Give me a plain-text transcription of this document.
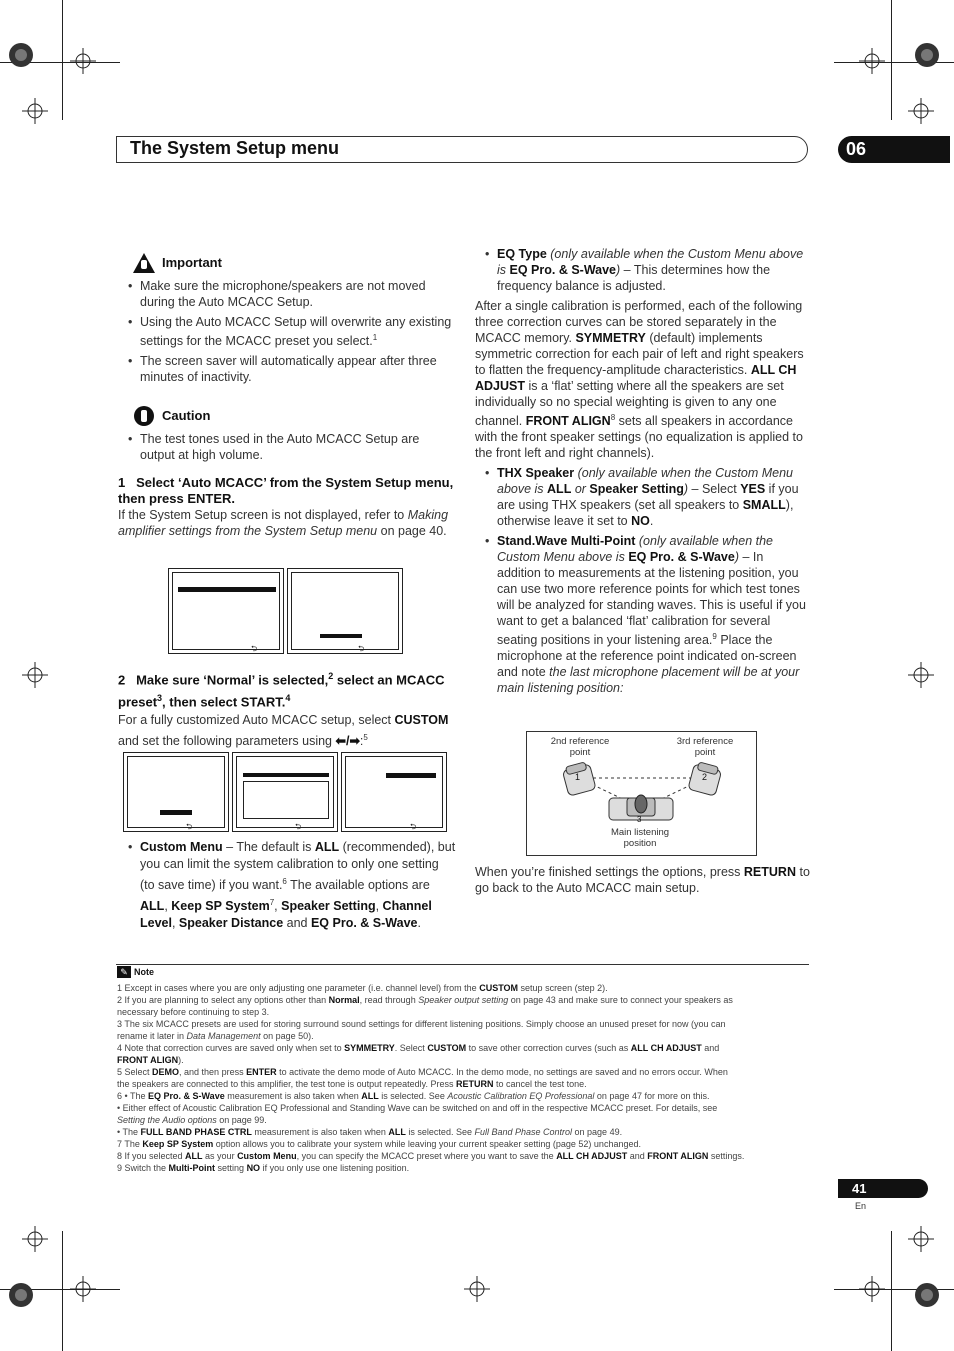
The System Setup menu	06
Important
• Make sure the microphone/speakers are not moved during the Auto MCACC Setup.
• Using the Auto MCACC Setup will overwrite any existing settings for the MCACC preset you select.$^1$
• The screen saver will automatically appear after three minutes of inactivity.
Caution
• The test tones used in the Auto MCACC Setup are output at high volume.
1 Select ‘Auto MCACC’ from the System Setup menu, then press ENTER.
If the System Setup screen is not displayed, refer to Making amplifier settings from the System Setup menu on page 40.
⮌	⮌
2 Make sure ‘Normal’ is selected,$^2$ select an MCACC preset$^3$, then select START.$^4$
For a fully customized Auto MCACC setup, select CUSTOM and set the following parameters using ⬅/➡:$^5$
⮌	⮌	⮌
• Custom Menu – The default is ALL (recommended), but you can limit the system calibration to only one setting (to save time) if you want.$^6$ The available options are ALL, Keep SP System$^7$, Speaker Setting, Channel Level, Speaker Distance and EQ Pro. & S-Wave.
• EQ Type (only available when the Custom Menu above is EQ Pro. & S-Wave) – This determines how the frequency balance is adjusted.
After a single calibration is performed, each of the following three correction curves can be stored separately in the MCACC memory. SYMMETRY (default) implements symmetric correction for each pair of left and right speakers to flatten the frequency-amplitude characteristics. ALL CH ADJUST is a ‘flat’ setting where all the speakers are set individually so no special weighting is given to any one channel. FRONT ALIGN$^8$ sets all speakers in accordance with the front speaker settings (no equalization is applied to the front left and right channels).
• THX Speaker (only available when the Custom Menu above is ALL or Speaker Setting) – Select YES if you are using THX speakers (set all speakers to SMALL), otherwise leave it set to NO.
• Stand.Wave Multi-Point (only available when the Custom Menu above is EQ Pro. & S-Wave) – In addition to measurements at the listening position, you can use two more reference points for which test tones will be analyzed for standing waves. This is useful if you want to get a balanced ‘flat’ calibration for several seating positions in your listening area.$^9$ Place the microphone at the reference point indicated on-screen and note the last microphone placement will be at your main listening position:
2nd reference
point
3rd reference
point
Main listening
position
1	2
3
When you’re finished settings the options, press RETURN to go back to the Auto MCACC main setup.
✎ Note
1 Except in cases where you are only adjusting one parameter (i.e. channel level) from the CUSTOM setup screen (step 2).
2 If you are planning to select any options other than Normal, read through Speaker output setting on page 43 and make sure to connect your speakers as
necessary before continuing to step 3.
3 The six MCACC presets are used for storing surround sound settings for different listening positions. Simply choose an unused preset for now (you can
rename it later in Data Management on page 50).
4 Note that correction curves are saved only when set to SYMMETRY. Select CUSTOM to save other correction curves (such as ALL CH ADJUST and
FRONT ALIGN).
5 Select DEMO, and then press ENTER to activate the demo mode of Auto MCACC. In the demo mode, no settings are saved and no errors occur. When
the speakers are connected to this amplifier, the test tone is output repeatedly. Press RETURN to cancel the test tone.
6 • The EQ Pro. & S-Wave measurement is also taken when ALL is selected. See Acoustic Calibration EQ Professional on page 47 for more on this.
• Either effect of Acoustic Calibration EQ Professional and Standing Wave can be switched on and off in the respective MCACC preset. For details, see
Setting the Audio options on page 99.
• The FULL BAND PHASE CTRL measurement is also taken when ALL is selected. See Full Band Phase Control on page 49.
7 The Keep SP System option allows you to calibrate your system while leaving your current speaker setting (page 52) unchanged.
8 If you selected ALL as your Custom Menu, you can specify the MCACC preset where you want to save the ALL CH ADJUST and FRONT ALIGN settings.
9 Switch the Multi-Point setting NO if you only use one listening position.
41
En
